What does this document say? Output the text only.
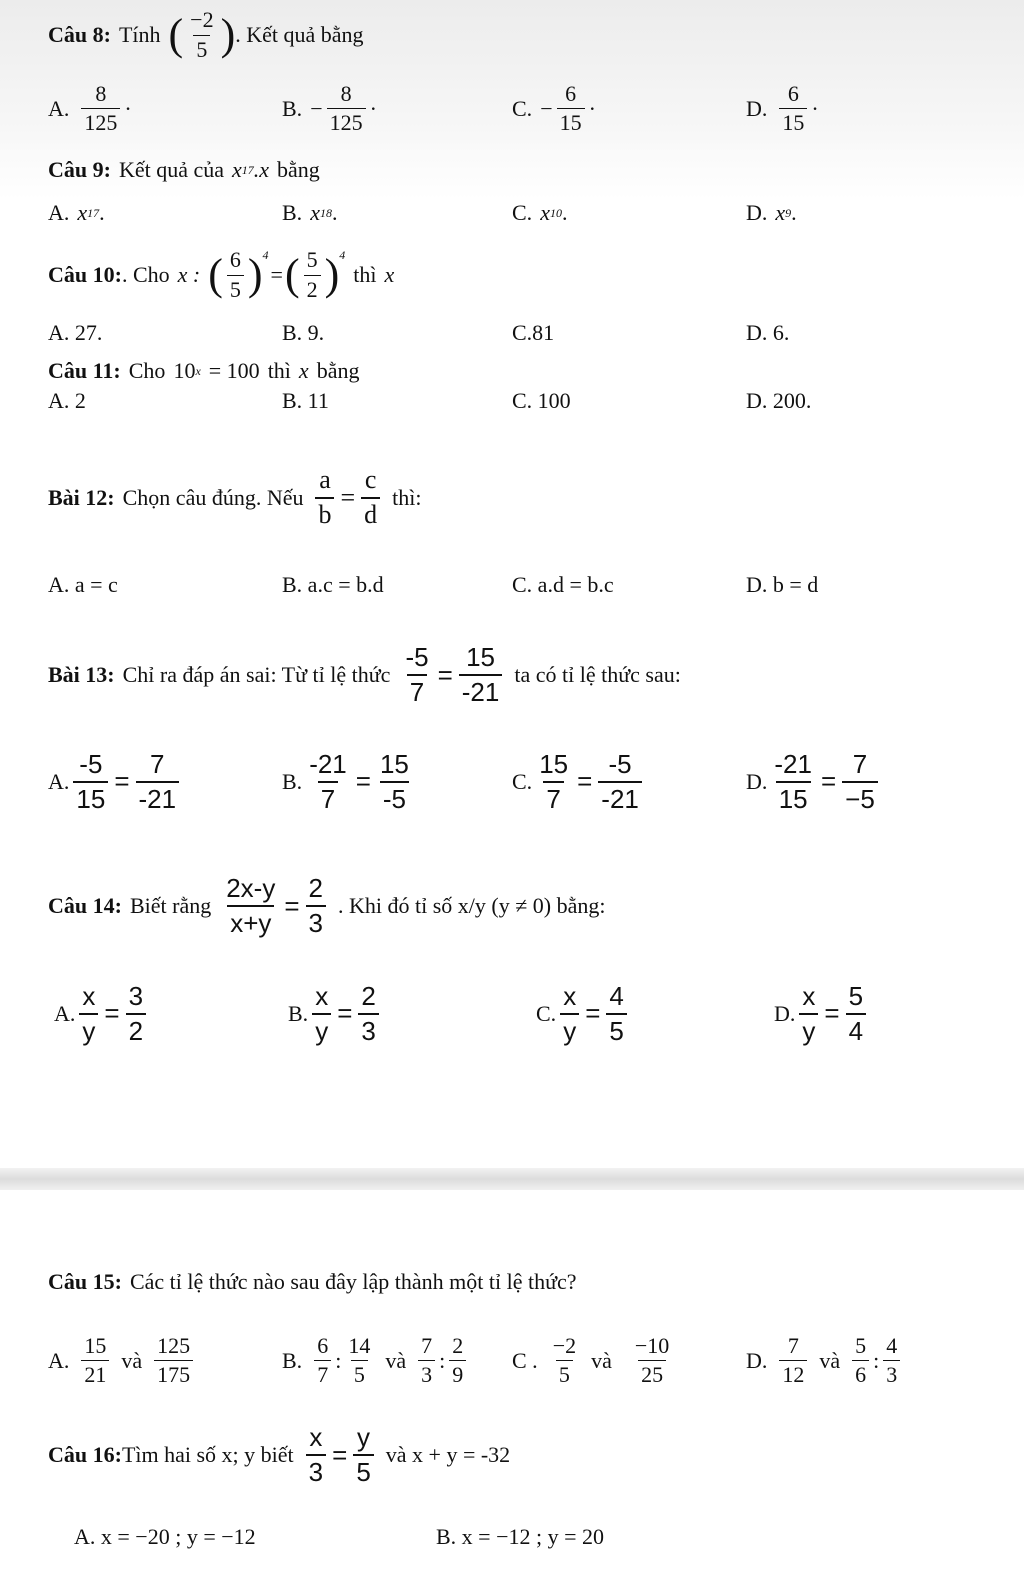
Câu 8: Tính ( $\frac{-2}{5}$ ) . Kết quả bằng
A. $\frac{8}{125}$ ·	B. − $\frac{8}{125}$ ·	C. − $\frac{6}{15}$ ·	D. $\frac{6}{15}$ ·
Câu 9: Kết quả của x 17 .x bằng
A. x 17 .	B. x 18 .	C. x 10 .	D. x 9 .
Câu 10: . Cho x : ( $\frac{6}{5}$ ) 4
= ( $\frac{5}{2}$ ) 4
thì x
A. 27.	B. 9.	C.81	D. 6.
Câu 11: Cho 10 x = 100 thì x bằng
A. 2	B. 11	C. 100	D. 200.
Bài 12: Chọn câu đúng. Nếu $\frac{a}{b} = \frac{c}{d}$ thì:
A. a = c	B. a.c = b.d	C. a.d = b.c	D. b = d
Bài 13: Chỉ ra đáp án sai: Từ tỉ lệ thức $\frac{-5}{7} = \frac{15}{-21}$ ta có tỉ lệ thức sau:
A. $\frac{-5}{15} = \frac{7}{-21}$	B. $\frac{-21}{7} = \frac{15}{-5}$	C. $\frac{15}{7} = \frac{-5}{-21}$	D. $\frac{-21}{15} = \frac{7}{-5}$
Câu 14: Biết rằng $\frac{2x-y}{x+y} = \frac{2}{3}$ . Khi đó tỉ số x/y (y ≠ 0) bằng:
A. $\frac{x}{y} = \frac{3}{2}$	B. $\frac{x}{y} = \frac{2}{3}$	C. $\frac{x}{y} = \frac{4}{5}$	D. $\frac{x}{y} = \frac{5}{4}$
Câu 15: Các tỉ lệ thức nào sau đây lập thành một tỉ lệ thức?
A. $\frac{15}{21}$ và $\frac{125}{175}$	B. $\frac{6}{7}$ : $\frac{14}{5}$ và $\frac{7}{3}$ : $\frac{2}{9}$ C . $\frac{-2}{5}$ và $\frac{-10}{25}$	D. $\frac{7}{12}$ và $\frac{5}{6}$ : $\frac{4}{3}$
Câu 16: Tìm hai số x; y biết $\frac{x}{3} = \frac{y}{5}$ và x + y = -32
A. x = −20 ; y = −12	B. x = −12 ; y = 20
